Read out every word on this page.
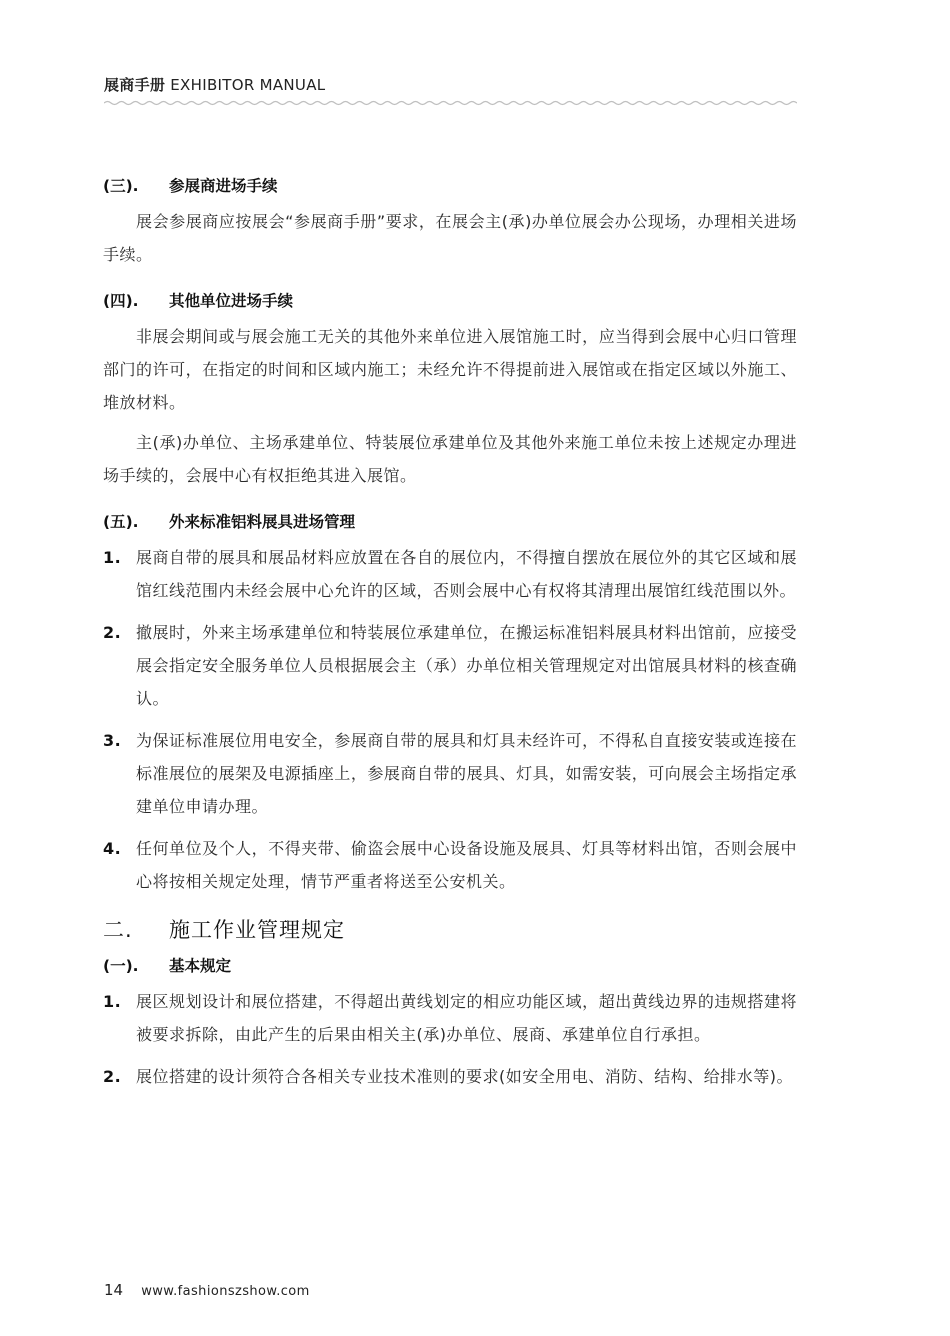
展商手册 EXHIBITOR MANUAL
(三).	参展商进场手续

展会参展商应按展会“参展商手册”要求，在展会主(承)办单位展会办公现场，办理相关进场手续。

(四).	其他单位进场手续

非展会期间或与展会施工无关的其他外来单位进入展馆施工时，应当得到会展中心归口管理部门的许可，在指定的时间和区域内施工；未经允许不得提前进入展馆或在指定区域以外施工、堆放材料。

主(承)办单位、主场承建单位、特装展位承建单位及其他外来施工单位未按上述规定办理进场手续的，会展中心有权拒绝其进入展馆。

(五).	外来标准铝料展具进场管理
1. 展商自带的展具和展品材料应放置在各自的展位内，不得擅自摆放在展位外的其它区域和展馆红线范围内未经会展中心允许的区域，否则会展中心有权将其清理出展馆红线范围以外。
2. 撤展时，外来主场承建单位和特装展位承建单位，在搬运标准铝料展具材料出馆前，应接受展会指定安全服务单位人员根据展会主（承）办单位相关管理规定对出馆展具材料的核查确认。
3. 为保证标准展位用电安全，参展商自带的展具和灯具未经许可，不得私自直接安装或连接在标准展位的展架及电源插座上，参展商自带的展具、灯具，如需安装，可向展会主场指定承建单位申请办理。
4. 任何单位及个人，不得夹带、偷盗会展中心设备设施及展具、灯具等材料出馆，否则会展中心将按相关规定处理，情节严重者将送至公安机关。
二.	施工作业管理规定
(一).	基本规定
1. 展区规划设计和展位搭建，不得超出黄线划定的相应功能区域，超出黄线边界的违规搭建将被要求拆除，由此产生的后果由相关主(承)办单位、展商、承建单位自行承担。
2. 展位搭建的设计须符合各相关专业技术准则的要求(如安全用电、消防、结构、给排水等)。
14 www.fashionszshow.com
